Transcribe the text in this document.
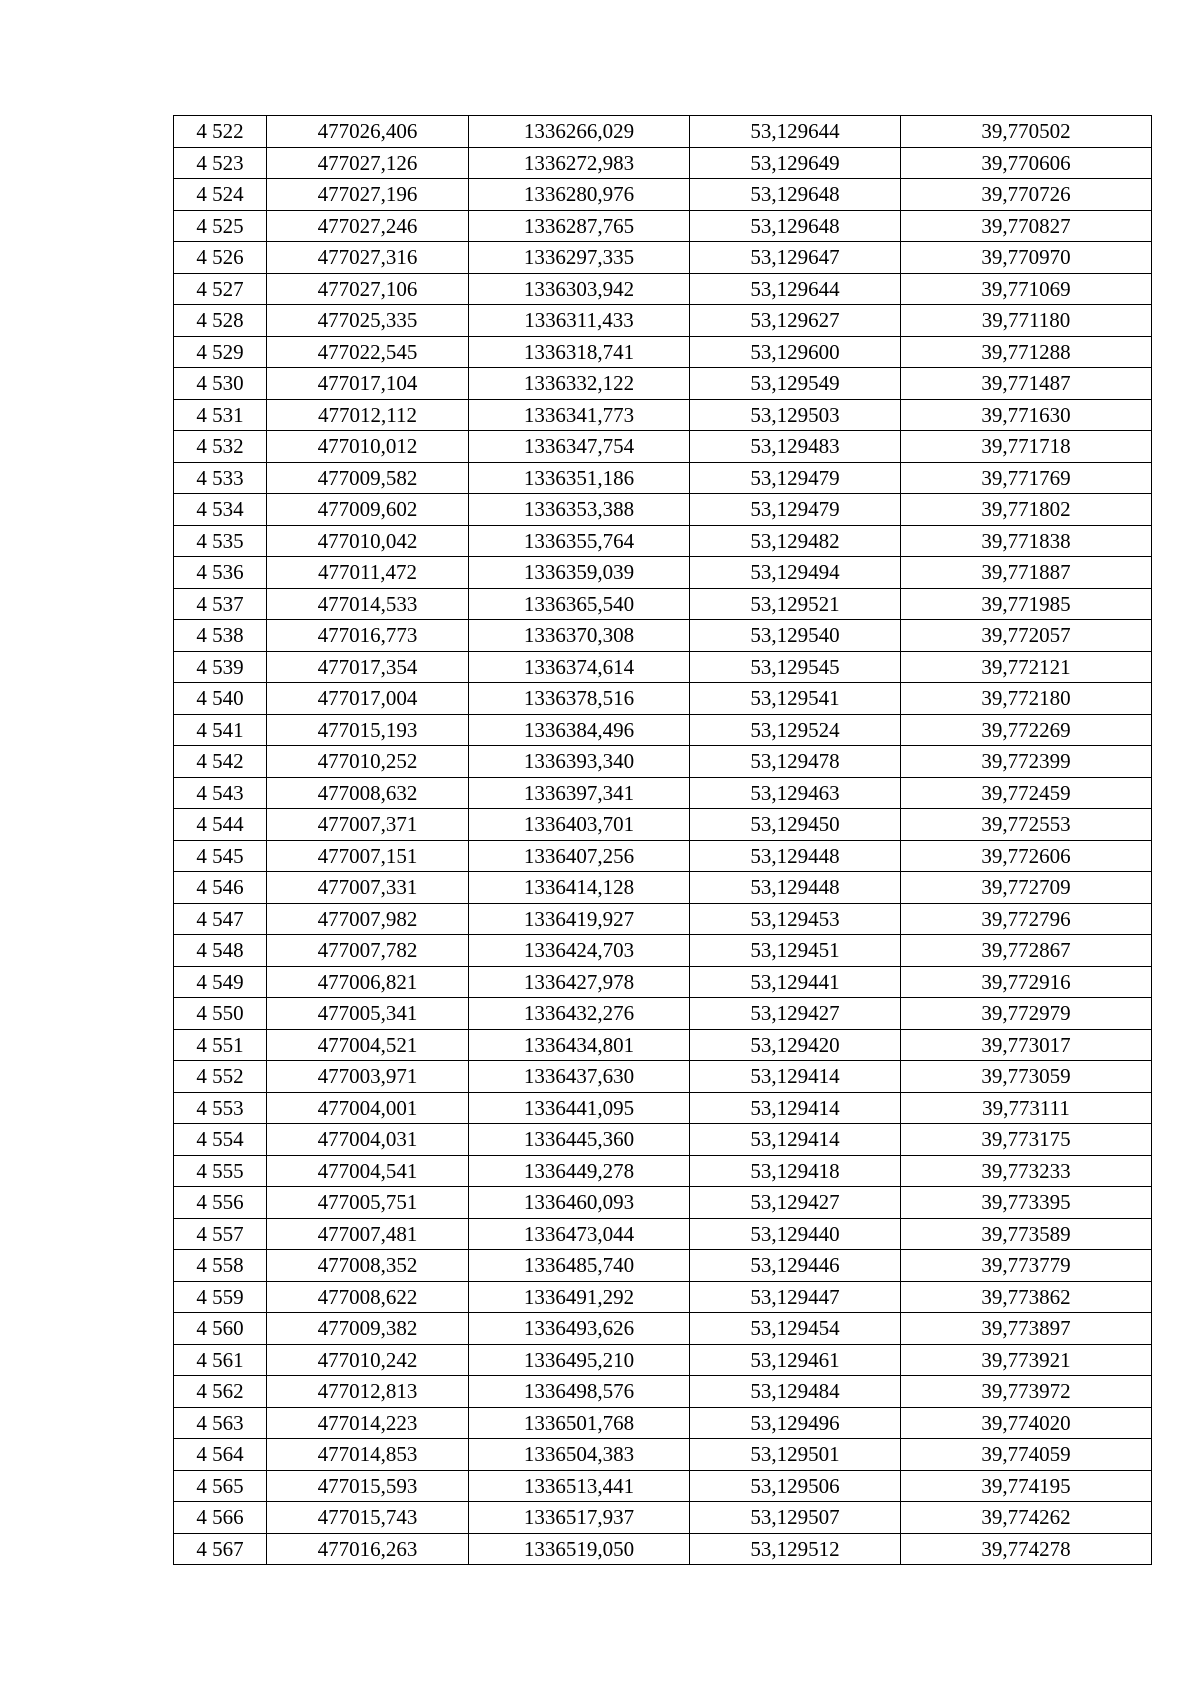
4 522	477026,406	1336266,029	53,129644	39,770502
4 523	477027,126	1336272,983	53,129649	39,770606
4 524	477027,196	1336280,976	53,129648	39,770726
4 525	477027,246	1336287,765	53,129648	39,770827
4 526	477027,316	1336297,335	53,129647	39,770970
4 527	477027,106	1336303,942	53,129644	39,771069
4 528	477025,335	1336311,433	53,129627	39,771180
4 529	477022,545	1336318,741	53,129600	39,771288
4 530	477017,104	1336332,122	53,129549	39,771487
4 531	477012,112	1336341,773	53,129503	39,771630
4 532	477010,012	1336347,754	53,129483	39,771718
4 533	477009,582	1336351,186	53,129479	39,771769
4 534	477009,602	1336353,388	53,129479	39,771802
4 535	477010,042	1336355,764	53,129482	39,771838
4 536	477011,472	1336359,039	53,129494	39,771887
4 537	477014,533	1336365,540	53,129521	39,771985
4 538	477016,773	1336370,308	53,129540	39,772057
4 539	477017,354	1336374,614	53,129545	39,772121
4 540	477017,004	1336378,516	53,129541	39,772180
4 541	477015,193	1336384,496	53,129524	39,772269
4 542	477010,252	1336393,340	53,129478	39,772399
4 543	477008,632	1336397,341	53,129463	39,772459
4 544	477007,371	1336403,701	53,129450	39,772553
4 545	477007,151	1336407,256	53,129448	39,772606
4 546	477007,331	1336414,128	53,129448	39,772709
4 547	477007,982	1336419,927	53,129453	39,772796
4 548	477007,782	1336424,703	53,129451	39,772867
4 549	477006,821	1336427,978	53,129441	39,772916
4 550	477005,341	1336432,276	53,129427	39,772979
4 551	477004,521	1336434,801	53,129420	39,773017
4 552	477003,971	1336437,630	53,129414	39,773059
4 553	477004,001	1336441,095	53,129414	39,773111
4 554	477004,031	1336445,360	53,129414	39,773175
4 555	477004,541	1336449,278	53,129418	39,773233
4 556	477005,751	1336460,093	53,129427	39,773395
4 557	477007,481	1336473,044	53,129440	39,773589
4 558	477008,352	1336485,740	53,129446	39,773779
4 559	477008,622	1336491,292	53,129447	39,773862
4 560	477009,382	1336493,626	53,129454	39,773897
4 561	477010,242	1336495,210	53,129461	39,773921
4 562	477012,813	1336498,576	53,129484	39,773972
4 563	477014,223	1336501,768	53,129496	39,774020
4 564	477014,853	1336504,383	53,129501	39,774059
4 565	477015,593	1336513,441	53,129506	39,774195
4 566	477015,743	1336517,937	53,129507	39,774262
4 567	477016,263	1336519,050	53,129512	39,774278
